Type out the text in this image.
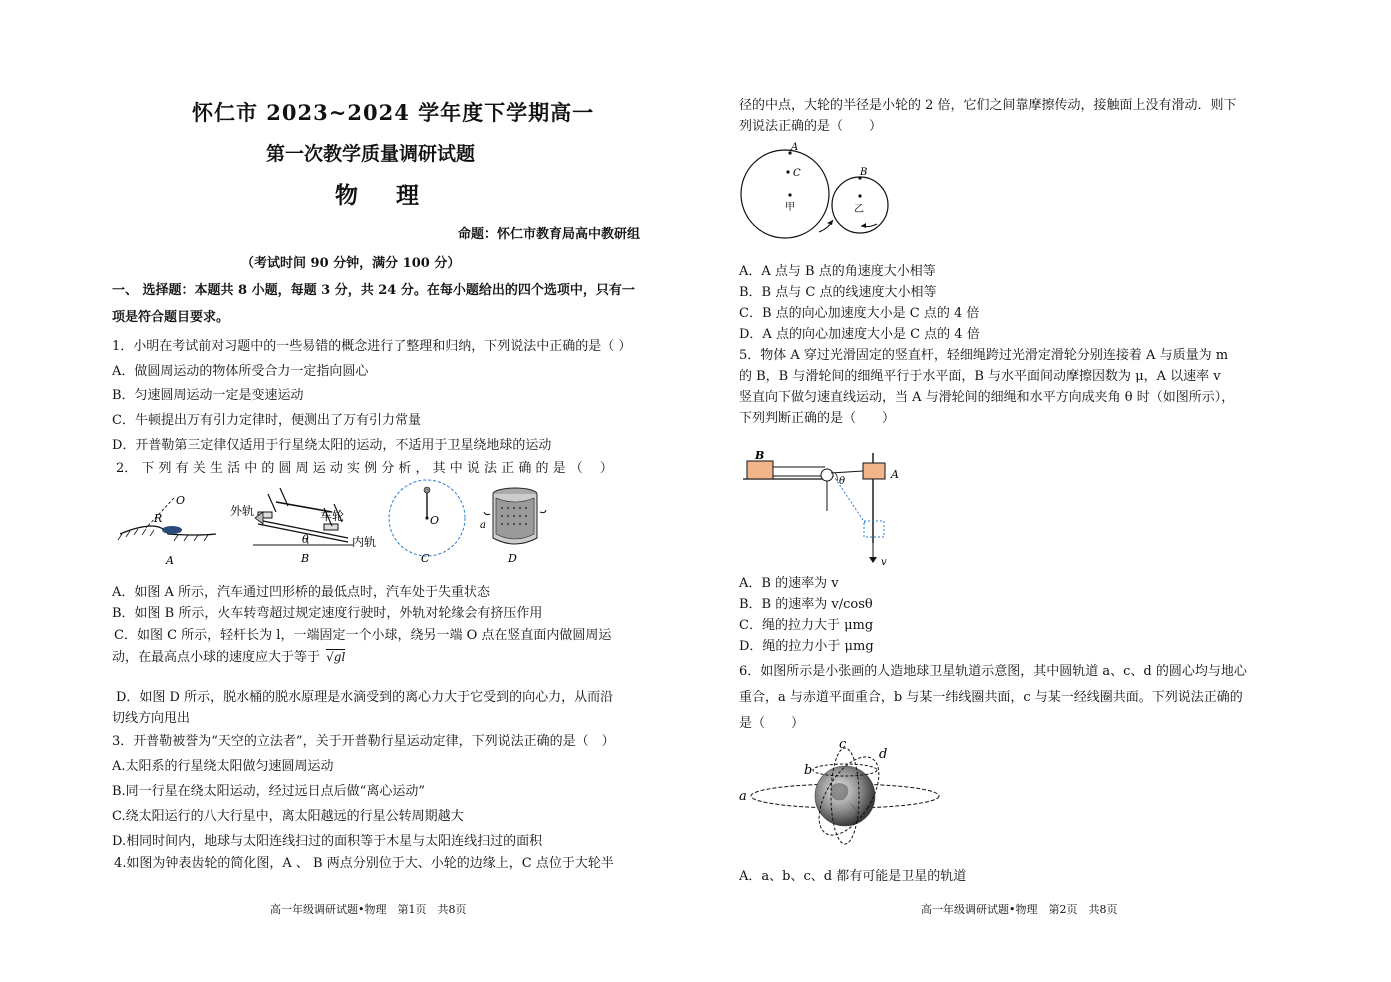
怀仁市 2023~2024 学年度下学期高一
第一次教学质量调研试题
物理
命题：怀仁市教育局高中教研组
（考试时间 90 分钟，满分 100 分）
一、 选择题：本题共 8 小题，每题 3 分，共 24 分。在每小题给出的四个选项中，只有一
项是符合题目要求。
1．小明在考试前对习题中的一些易错的概念进行了整理和归纳，下列说法中正确的是（ ）
A．做圆周运动的物体所受合力一定指向圆心
B．匀速圆周运动一定是变速运动
C．牛顿提出万有引力定律时，便测出了万有引力常量
D．开普勒第三定律仅适用于行星绕太阳的运动，不适用于卫星绕地球的运动
2． 下 列 有 关 生 活 中 的 圆 周 运 动 实 例 分 析 ， 其 中 说 法 正 确 的 是 （　 ）
O
R
A
外轨	车轮
内轨
θ
B
O
C
a
D
A．如图 A 所示，汽车通过凹形桥的最低点时，汽车处于失重状态
B．如图 B 所示，火车转弯超过规定速度行驶时，外轨对轮缘会有挤压作用
C．如图 C 所示，轻杆长为 l，一端固定一个小球，绕另一端 O 点在竖直面内做圆周运
动，在最高点小球的速度应大于等于 √gl
D．如图 D 所示，脱水桶的脱水原理是水滴受到的离心力大于它受到的向心力，从而沿
切线方向甩出
3．开普勒被誉为“天空的立法者”，关于开普勒行星运动定律，下列说法正确的是（　）
A.太阳系的行星绕太阳做匀速圆周运动
B.同一行星在绕太阳运动，经过远日点后做“离心运动”
C.绕太阳运行的八大行星中，离太阳越远的行星公转周期越大
D.相同时间内，地球与太阳连线扫过的面积等于木星与太阳连线扫过的面积
4.如图为钟表齿轮的简化图，A 、 B 两点分别位于大、小轮的边缘上，C 点位于大轮半
高一年级调研试题•物理　第1页　共8页
径的中点，大轮的半径是小轮的 2 倍，它们之间靠摩擦传动，接触面上没有滑动．则下
列说法正确的是（　　）
A
C
甲
B
乙
A．A 点与 B 点的角速度大小相等
B．B 点与 C 点的线速度大小相等
C．B 点的向心加速度大小是 C 点的 4 倍
D．A 点的向心加速度大小是 C 点的 4 倍
5．物体 A 穿过光滑固定的竖直杆，轻细绳跨过光滑定滑轮分别连接着 A 与质量为 m
的 B，B 与滑轮间的细绳平行于水平面，B 与水平面间动摩擦因数为 μ，A 以速率 v
竖直向下做匀速直线运动，当 A 与滑轮间的细绳和水平方向成夹角 θ 时（如图所示），
下列判断正确的是（　　）
B
A
θ
v
A．B 的速率为 v
B．B 的速率为 v/cosθ
C．绳的拉力大于 μmg
D．绳的拉力小于 μmg
6．如图所示是小张画的人造地球卫星轨道示意图，其中圆轨道 a、c、d 的圆心均与地心
重合，a 与赤道平面重合，b 与某一纬线圈共面，c 与某一经线圈共面。下列说法正确的
是（　　）
a
b
c
d
A．a、b、c、d 都有可能是卫星的轨道
高一年级调研试题•物理　第2页　共8页
